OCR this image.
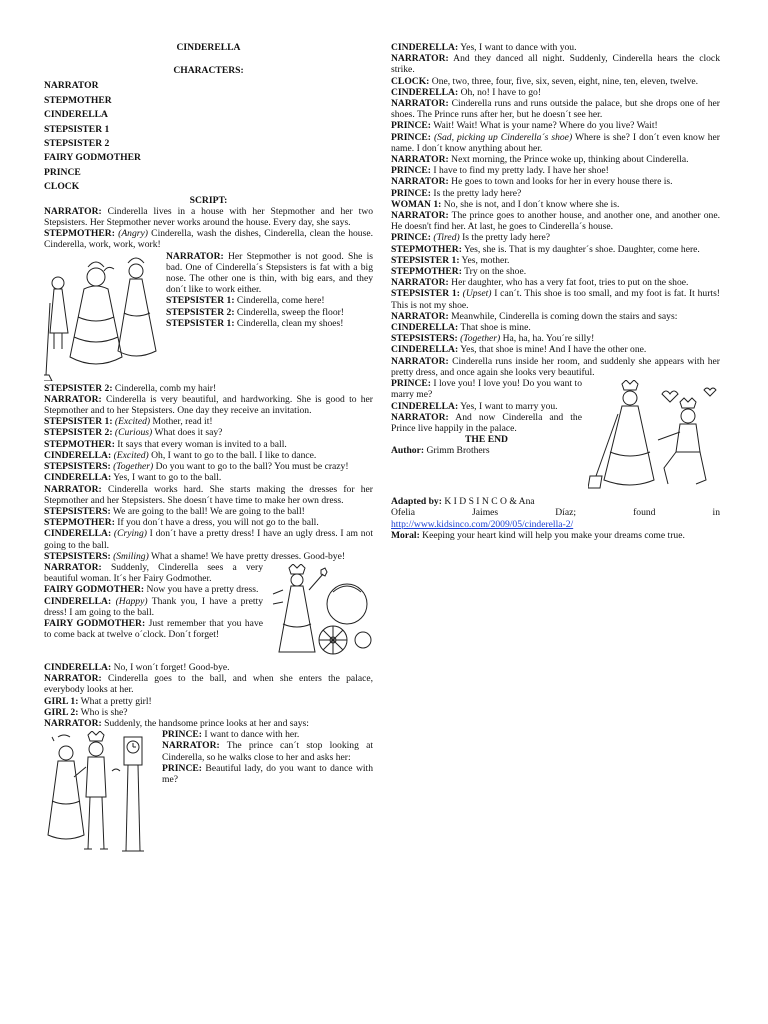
CINDERELLA

CHARACTERS:

NARRATOR

STEPMOTHER

CINDERELLA

STEPSISTER 1

STEPSISTER 2

FAIRY GODMOTHER

PRINCE

CLOCK

SCRIPT:

NARRATOR: Cinderella lives in a house with her Stepmother and her two Stepsisters. Her Stepmother never works around the house. Every day, she says.

STEPMOTHER: (Angry) Cinderella, wash the dishes, Cinderella, clean the house. Cinderella, work, work, work!

NARRATOR: Her Stepmother is not good. She is bad. One of Cinderella´s Stepsisters is fat with a big nose. The other one is thin, with big ears, and they don´t like to work either.

STEPSISTER 1: Cinderella, come here!

STEPSISTER 2: Cinderella, sweep the floor!

STEPSISTER 1: Cinderella, clean my shoes!

STEPSISTER 2: Cinderella, comb my hair!

NARRATOR: Cinderella is very beautiful, and hardworking. She is good to her Stepmother and to her Stepsisters. One day they receive an invitation.

STEPSISTER 1: (Excited) Mother, read it!

STEPSISTER 2: (Curious) What does it say?

STEPMOTHER: It says that every woman is invited to a ball.

CINDERELLA: (Excited) Oh, I want to go to the ball. I like to dance.

STEPSISTERS: (Together) Do you want to go to the ball? You must be crazy!

CINDERELLA: Yes, I want to go to the ball.

NARRATOR: Cinderella works hard. She starts making the dresses for her Stepmother and her Stepsisters. She doesn´t have time to make her own dress.

STEPSISTERS: We are going to the ball! We are going to the ball!

STEPMOTHER: If you don´t have a dress, you will not go to the ball.

CINDERELLA: (Crying) I don´t have a pretty dress! I have an ugly dress. I am not going to the ball.

STEPSISTERS: (Smiling) What a shame! We have pretty dresses. Good-bye!

NARRATOR: Suddenly, Cinderella sees a very beautiful woman. It´s her Fairy Godmother.

FAIRY GODMOTHER: Now you have a pretty dress.

CINDERELLA: (Happy) Thank you, I have a pretty dress! I am going to the ball.

FAIRY GODMOTHER: Just remember that you have to come back at twelve o´clock. Don´t forget!

CINDERELLA: No, I won´t forget! Good-bye.

NARRATOR: Cinderella goes to the ball, and when she enters the palace, everybody looks at her.

GIRL 1: What a pretty girl!

GIRL 2: Who is she?

NARRATOR: Suddenly, the handsome prince looks at her and says:

PRINCE: I want to dance with her.

NARRATOR: The prince can´t stop looking at Cinderella, so he walks close to her and asks her:

PRINCE: Beautiful lady, do you want to dance with me?

CINDERELLA: Yes, I want to dance with you.

NARRATOR: And they danced all night. Suddenly, Cinderella hears the clock strike.

CLOCK: One, two, three, four, five, six, seven, eight, nine, ten, eleven, twelve.

CINDERELLA: Oh, no! I have to go!

NARRATOR: Cinderella runs and runs outside the palace, but she drops one of her shoes. The Prince runs after her, but he doesn´t see her.

PRINCE: Wait! Wait! What is your name? Where do you live? Wait!

PRINCE: (Sad, picking up Cinderella´s shoe) Where is she? I don´t even know her name. I don´t know anything about her.

NARRATOR: Next morning, the Prince woke up, thinking about Cinderella.

PRINCE: I have to find my pretty lady. I have her shoe!

NARRATOR: He goes to town and looks for her in every house there is.

PRINCE: Is the pretty lady here?

WOMAN 1: No, she is not, and I don´t know where she is.

NARRATOR: The prince goes to another house, and another one, and another one. He doesn't find her. At last, he goes to Cinderella´s house.

PRINCE: (Tired) Is the pretty lady here?

STEPMOTHER: Yes, she is. That is my daughter´s shoe. Daughter, come here.

STEPSISTER 1: Yes, mother.

STEPMOTHER: Try on the shoe.

NARRATOR: Her daughter, who has a very fat foot, tries to put on the shoe.

STEPSISTER 1: (Upset) I can´t. This shoe is too small, and my foot is fat. It hurts! This is not my shoe.

NARRATOR: Meanwhile, Cinderella is coming down the stairs and says:

CINDERELLA: That shoe is mine.

STEPSISTERS: (Together) Ha, ha, ha. You´re silly!

CINDERELLA: Yes, that shoe is mine! And I have the other one.

NARRATOR: Cinderella runs inside her room, and suddenly she appears with her pretty dress, and once again she looks very beautiful.

PRINCE: I love you! I love you! Do you want to marry me?

CINDERELLA: Yes, I want to marry you.

NARRATOR: And now Cinderella and the Prince live happily in the palace.

THE END

Author: Grimm Brothers

Adapted by: K I D S I N C O & Ana

Ofelia	Jaimes	Díaz;	found	in

http://www.kidsinco.com/2009/05/cinderella-2/

Moral: Keeping your heart kind will help you make your dreams come true.
